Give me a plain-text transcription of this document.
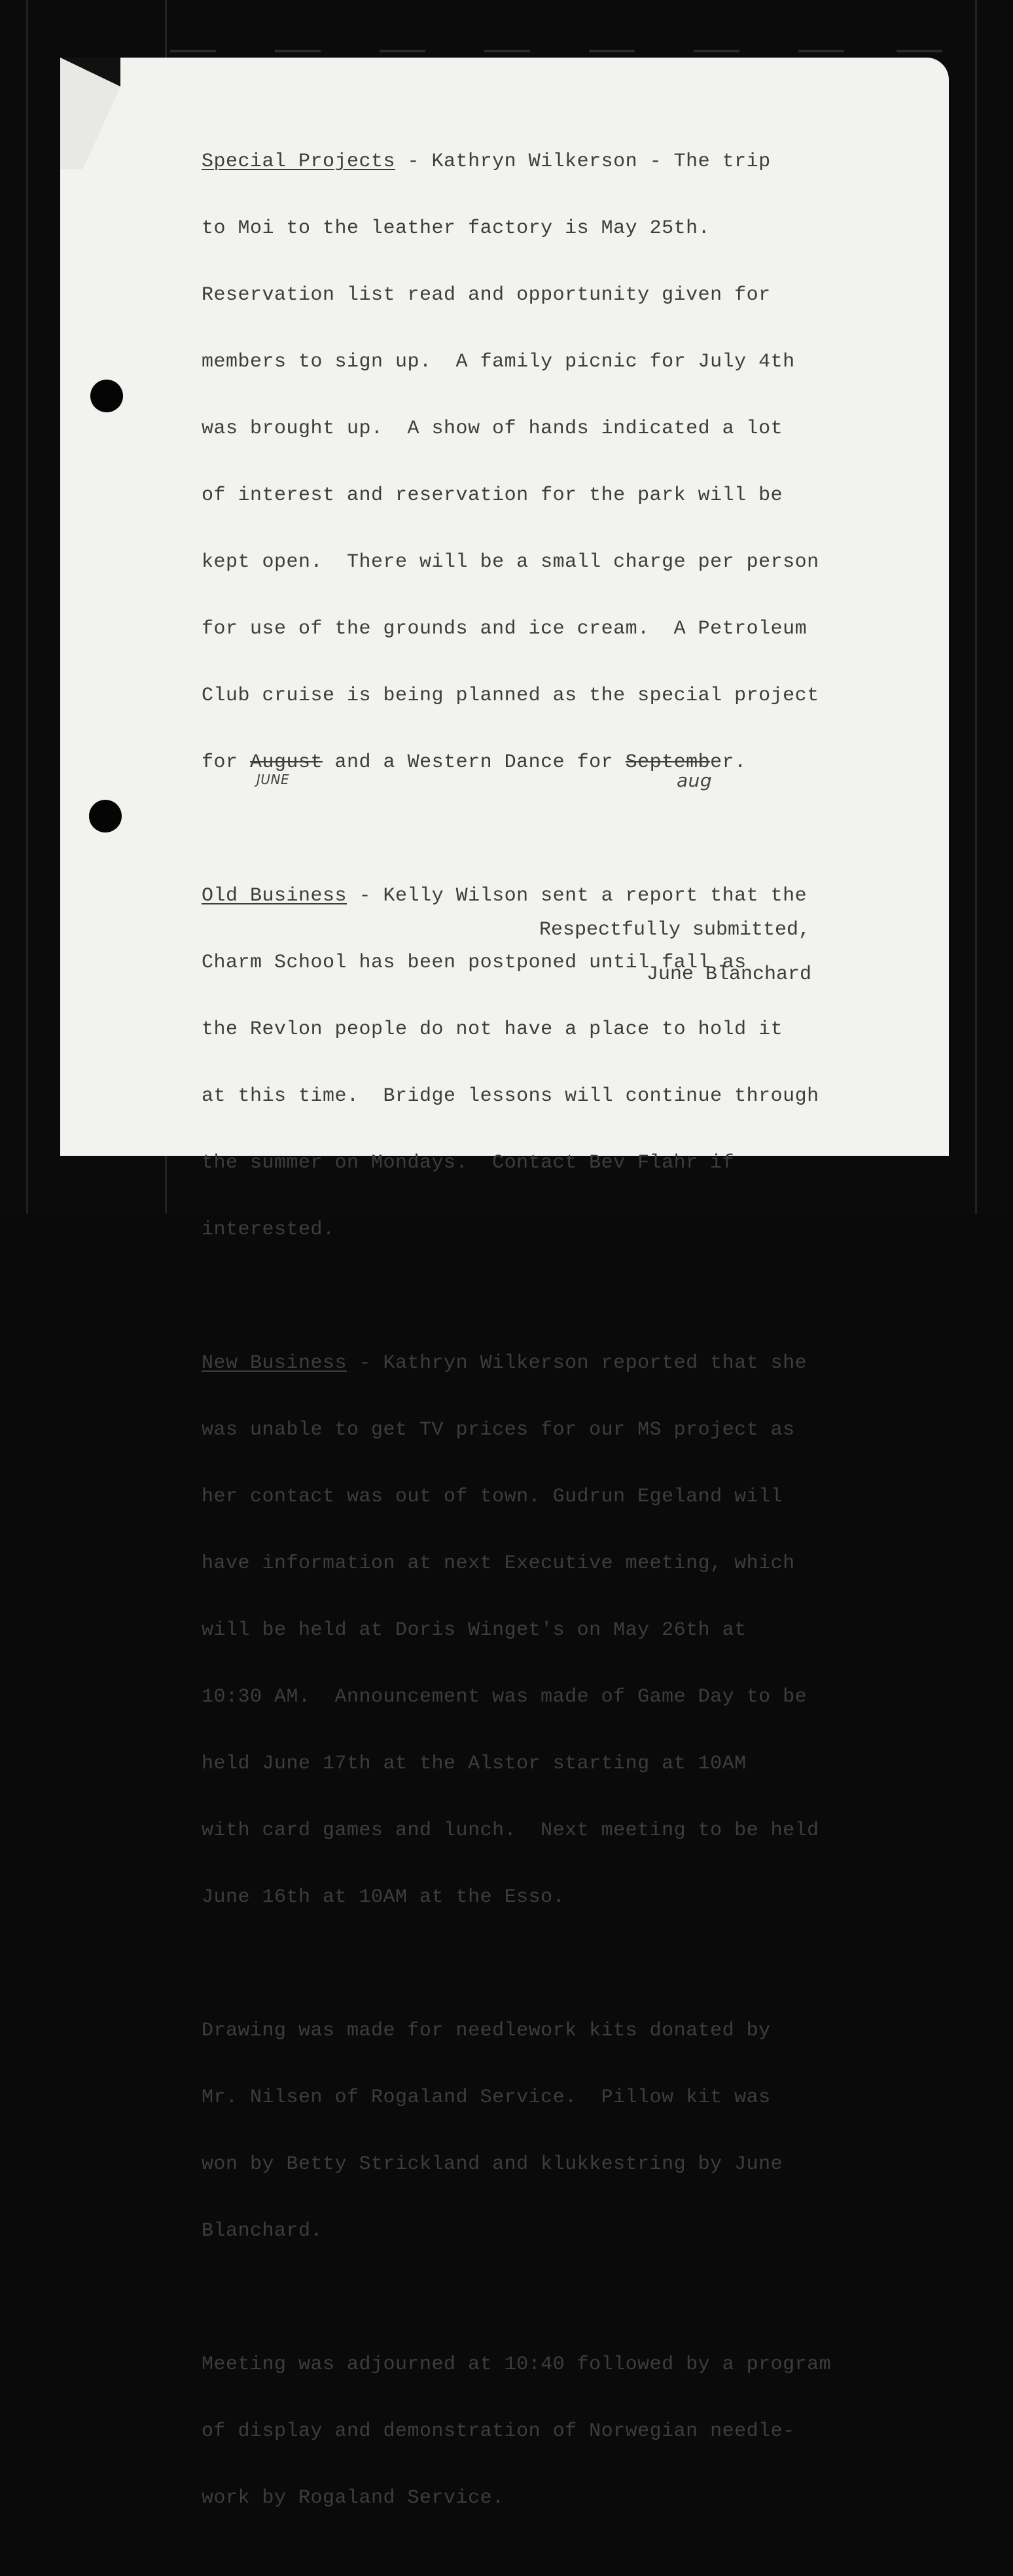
Special Projects - Kathryn Wilkerson - The trip

to Moi to the leather factory is May 25th.

Reservation list read and opportunity given for

members to sign up.  A family picnic for July 4th

was brought up.  A show of hands indicated a lot

of interest and reservation for the park will be

kept open.  There will be a small charge per person

for use of the grounds and ice cream.  A Petroleum

Club cruise is being planned as the special project

for August and a Western Dance for September.
JUNE	aug

Old Business - Kelly Wilson sent a report that the

Charm School has been postponed until fall as

the Revlon people do not have a place to hold it

at this time.  Bridge lessons will continue through

the summer on Mondays.  Contact Bev Flahr if

interested.

New Business - Kathryn Wilkerson reported that she

was unable to get TV prices for our MS project as

her contact was out of town. Gudrun Egeland will

have information at next Executive meeting, which

will be held at Doris Winget's on May 26th at

10:30 AM.  Announcement was made of Game Day to be

held June 17th at the Alstor starting at 10AM

with card games and lunch.  Next meeting to be held

June 16th at 10AM at the Esso.

Drawing was made for needlework kits donated by

Mr. Nilsen of Rogaland Service.  Pillow kit was

won by Betty Strickland and klukkestring by June

Blanchard.

Meeting was adjourned at 10:40 followed by a program

of display and demonstration of Norwegian needle-

work by Rogaland Service.

Respectfully submitted,
June Blanchard
